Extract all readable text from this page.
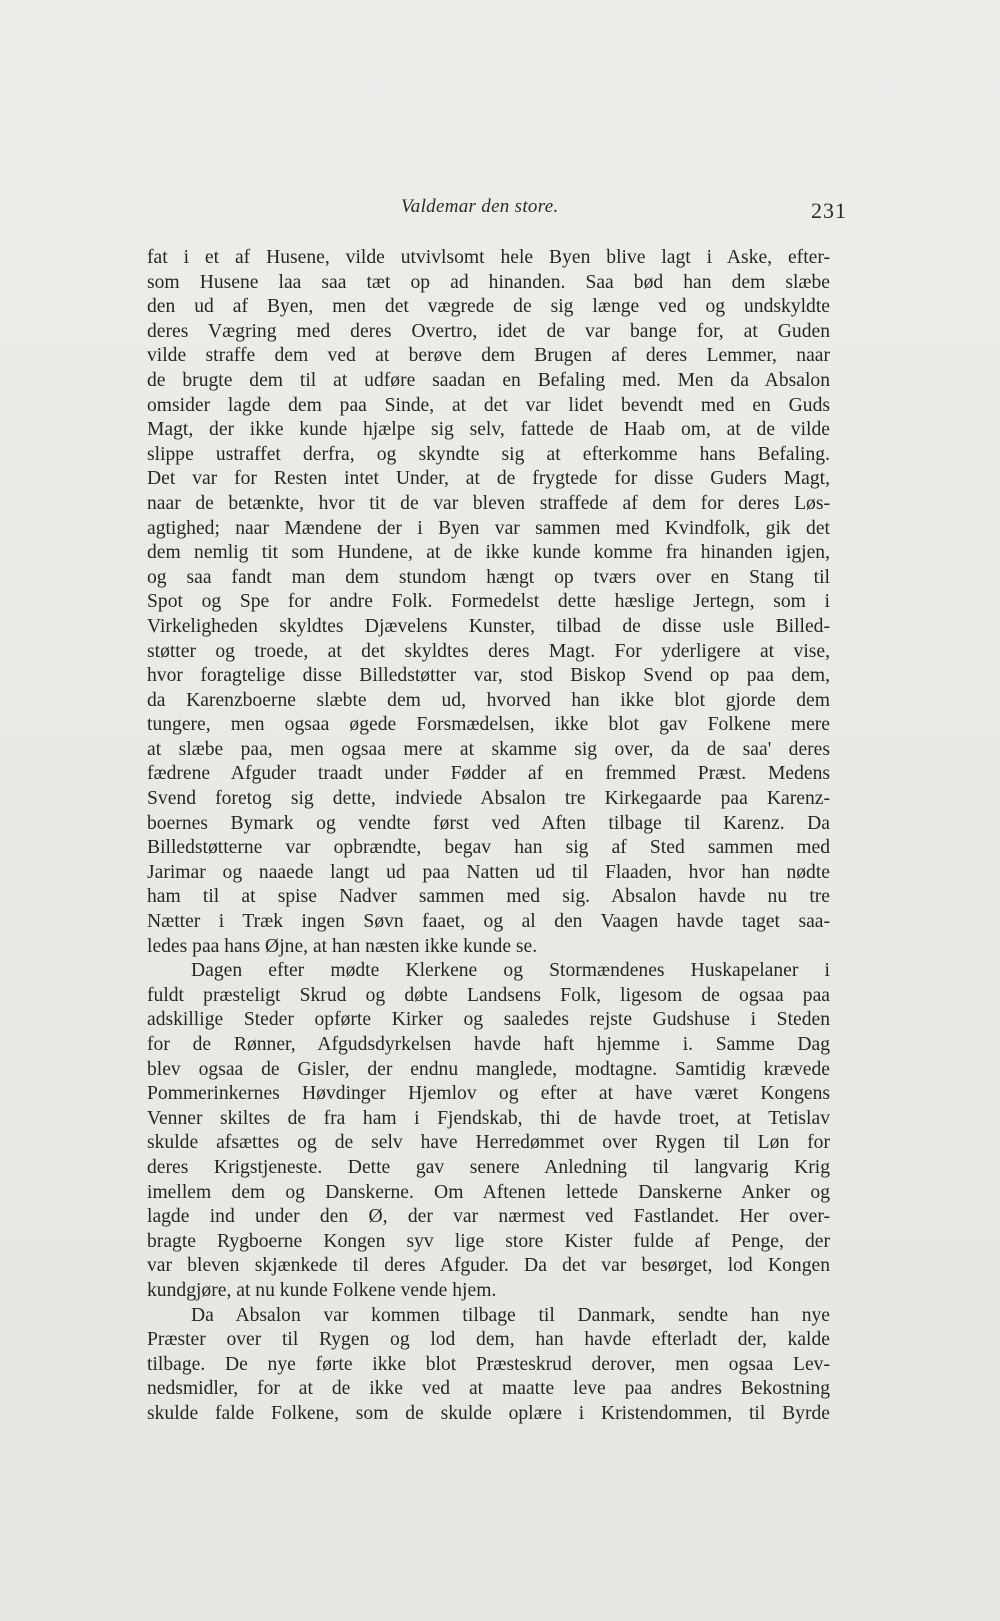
Valdemar den store.	231
fat i et af Husene, vilde utvivlsomt hele Byen blive lagt i Aske, efter-
som Husene laa saa tæt op ad hinanden. Saa bød han dem slæbe
den ud af Byen, men det vægrede de sig længe ved og undskyldte
deres Vægring med deres Overtro, idet de var bange for, at Guden
vilde straffe dem ved at berøve dem Brugen af deres Lemmer, naar
de brugte dem til at udføre saadan en Befaling med. Men da Absalon
omsider lagde dem paa Sinde, at det var lidet bevendt med en Guds
Magt, der ikke kunde hjælpe sig selv, fattede de Haab om, at de vilde
slippe ustraffet derfra, og skyndte sig at efterkomme hans Befaling.
Det var for Resten intet Under, at de frygtede for disse Guders Magt,
naar de betænkte, hvor tit de var bleven straffede af dem for deres Løs-
agtighed; naar Mændene der i Byen var sammen med Kvindfolk, gik det
dem nemlig tit som Hundene, at de ikke kunde komme fra hinanden igjen,
og saa fandt man dem stundom hængt op tværs over en Stang til
Spot og Spe for andre Folk. Formedelst dette hæslige Jertegn, som i
Virkeligheden skyldtes Djævelens Kunster, tilbad de disse usle Billed-
støtter og troede, at det skyldtes deres Magt. For yderligere at vise,
hvor foragtelige disse Billedstøtter var, stod Biskop Svend op paa dem,
da Karenzboerne slæbte dem ud, hvorved han ikke blot gjorde dem
tungere, men ogsaa øgede Forsmædelsen, ikke blot gav Folkene mere
at slæbe paa, men ogsaa mere at skamme sig over, da de saa' deres
fædrene Afguder traadt under Fødder af en fremmed Præst. Medens
Svend foretog sig dette, indviede Absalon tre Kirkegaarde paa Karenz-
boernes Bymark og vendte først ved Aften tilbage til Karenz. Da
Billedstøtterne var opbrændte, begav han sig af Sted sammen med
Jarimar og naaede langt ud paa Natten ud til Flaaden, hvor han nødte
ham til at spise Nadver sammen med sig. Absalon havde nu tre
Nætter i Træk ingen Søvn faaet, og al den Vaagen havde taget saa-
ledes paa hans Øjne, at han næsten ikke kunde se.
Dagen efter mødte Klerkene og Stormændenes Huskapelaner i
fuldt præsteligt Skrud og døbte Landsens Folk, ligesom de ogsaa paa
adskillige Steder opførte Kirker og saaledes rejste Gudshuse i Steden
for de Rønner, Afgudsdyrkelsen havde haft hjemme i. Samme Dag
blev ogsaa de Gisler, der endnu manglede, modtagne. Samtidig krævede
Pommerinkernes Høvdinger Hjemlov og efter at have været Kongens
Venner skiltes de fra ham i Fjendskab, thi de havde troet, at Tetislav
skulde afsættes og de selv have Herredømmet over Rygen til Løn for
deres Krigstjeneste. Dette gav senere Anledning til langvarig Krig
imellem dem og Danskerne. Om Aftenen lettede Danskerne Anker og
lagde ind under den Ø, der var nærmest ved Fastlandet. Her over-
bragte Rygboerne Kongen syv lige store Kister fulde af Penge, der
var bleven skjænkede til deres Afguder. Da det var besørget, lod Kongen
kundgjøre, at nu kunde Folkene vende hjem.
Da Absalon var kommen tilbage til Danmark, sendte han nye
Præster over til Rygen og lod dem, han havde efterladt der, kalde
tilbage. De nye førte ikke blot Præsteskrud derover, men ogsaa Lev-
nedsmidler, for at de ikke ved at maatte leve paa andres Bekostning
skulde falde Folkene, som de skulde oplære i Kristendommen, til Byrde
